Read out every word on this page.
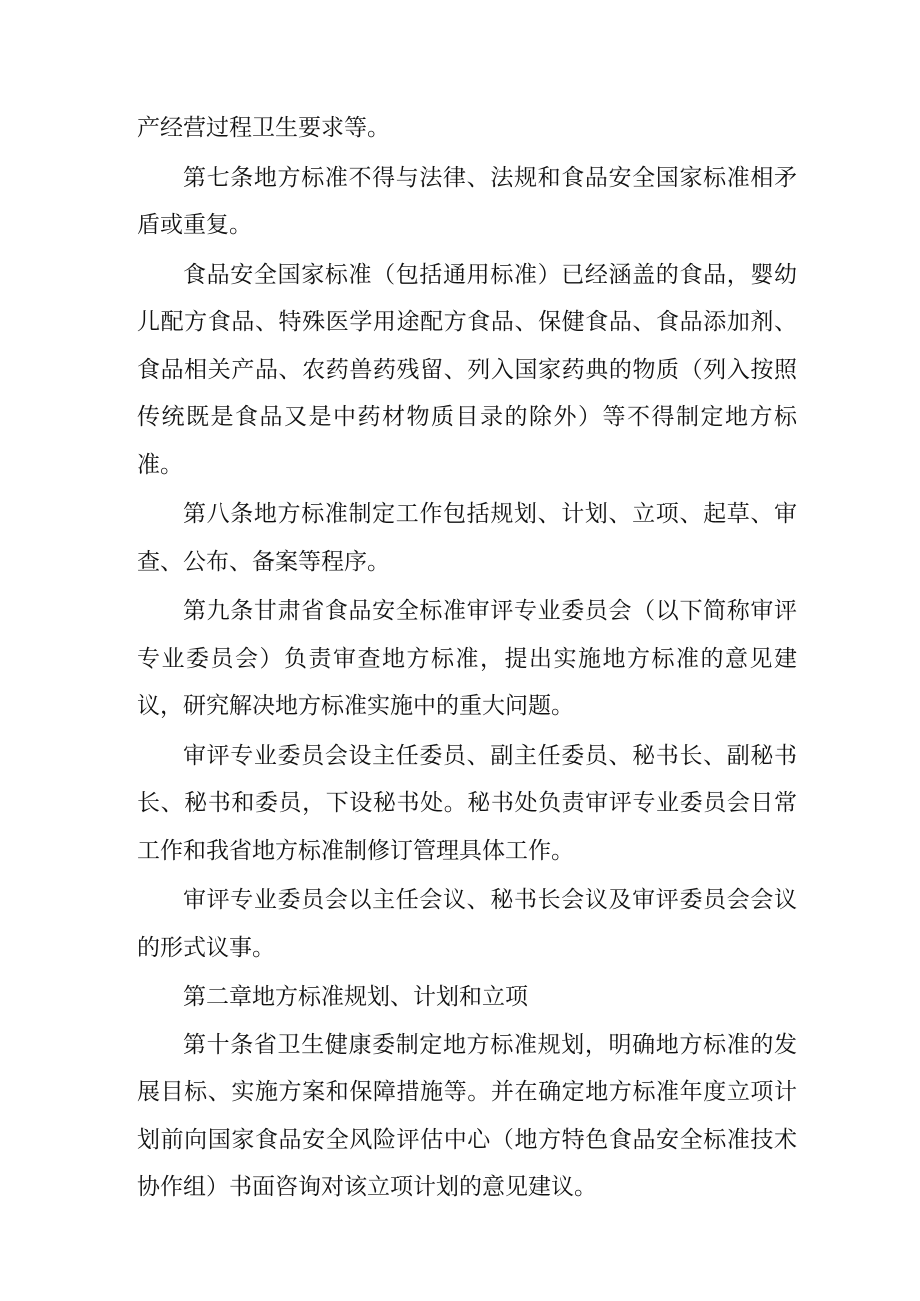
产经营过程卫生要求等。

第七条地方标准不得与法律、法规和食品安全国家标准相矛盾或重复。

食品安全国家标准（包括通用标准）已经涵盖的食品，婴幼儿配方食品、特殊医学用途配方食品、保健食品、食品添加剂、食品相关产品、农药兽药残留、列入国家药典的物质（列入按照传统既是食品又是中药材物质目录的除外）等不得制定地方标准。

第八条地方标准制定工作包括规划、计划、立项、起草、审查、公布、备案等程序。

第九条甘肃省食品安全标准审评专业委员会（以下简称审评专业委员会）负责审查地方标准，提出实施地方标准的意见建议，研究解决地方标准实施中的重大问题。

审评专业委员会设主任委员、副主任委员、秘书长、副秘书长、秘书和委员，下设秘书处。秘书处负责审评专业委员会日常工作和我省地方标准制修订管理具体工作。

审评专业委员会以主任会议、秘书长会议及审评委员会会议的形式议事。

第二章地方标准规划、计划和立项

第十条省卫生健康委制定地方标准规划，明确地方标准的发展目标、实施方案和保障措施等。并在确定地方标准年度立项计划前向国家食品安全风险评估中心（地方特色食品安全标准技术协作组）书面咨询对该立项计划的意见建议。
